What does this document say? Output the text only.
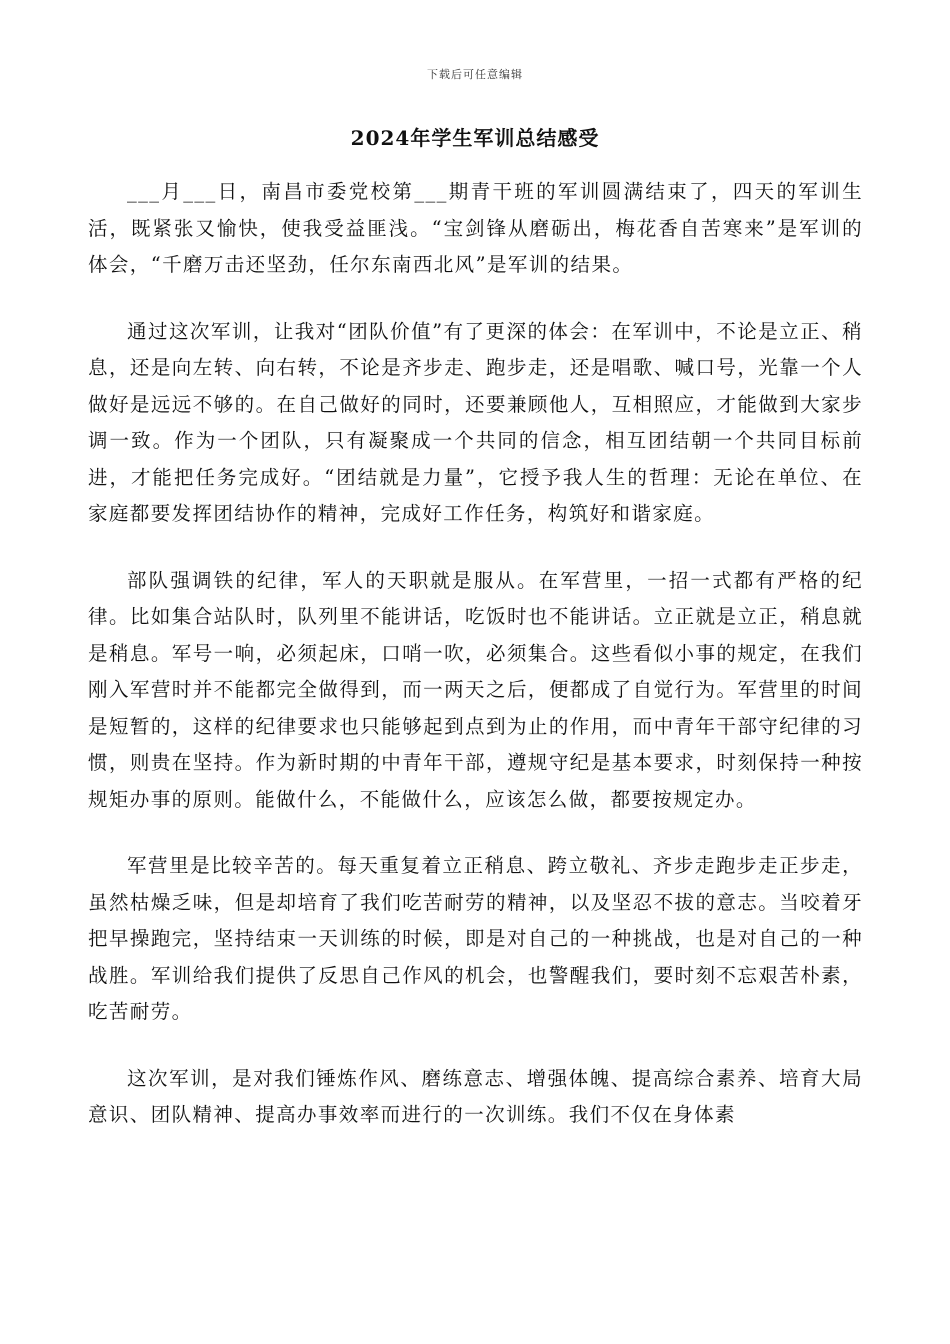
下载后可任意编辑
2024年学生军训总结感受

___月___日，南昌市委党校第___期青干班的军训圆满结束了，四天的军训生活，既紧张又愉快，使我受益匪浅。“宝剑锋从磨砺出，梅花香自苦寒来”是军训的体会，“千磨万击还坚劲，任尔东南西北风”是军训的结果。

通过这次军训，让我对“团队价值”有了更深的体会：在军训中，不论是立正、稍息，还是向左转、向右转，不论是齐步走、跑步走，还是唱歌、喊口号，光靠一个人做好是远远不够的。在自己做好的同时，还要兼顾他人，互相照应，才能做到大家步调一致。作为一个团队，只有凝聚成一个共同的信念，相互团结朝一个共同目标前进，才能把任务完成好。“团结就是力量”，它授予我人生的哲理：无论在单位、在家庭都要发挥团结协作的精神，完成好工作任务，构筑好和谐家庭。

部队强调铁的纪律，军人的天职就是服从。在军营里，一招一式都有严格的纪律。比如集合站队时，队列里不能讲话，吃饭时也不能讲话。立正就是立正，稍息就是稍息。军号一响，必须起床，口哨一吹，必须集合。这些看似小事的规定，在我们刚入军营时并不能都完全做得到，而一两天之后，便都成了自觉行为。军营里的时间是短暂的，这样的纪律要求也只能够起到点到为止的作用，而中青年干部守纪律的习惯，则贵在坚持。作为新时期的中青年干部，遵规守纪是基本要求，时刻保持一种按规矩办事的原则。能做什么，不能做什么，应该怎么做，都要按规定办。

军营里是比较辛苦的。每天重复着立正稍息、跨立敬礼、齐步走跑步走正步走，虽然枯燥乏味，但是却培育了我们吃苦耐劳的精神，以及坚忍不拔的意志。当咬着牙把早操跑完，坚持结束一天训练的时候，即是对自己的一种挑战，也是对自己的一种战胜。军训给我们提供了反思自己作风的机会，也警醒我们，要时刻不忘艰苦朴素，吃苦耐劳。

这次军训，是对我们锤炼作风、磨练意志、增强体魄、提高综合素养、培育大局意识、团队精神、提高办事效率而进行的一次训练。我们不仅在身体素
